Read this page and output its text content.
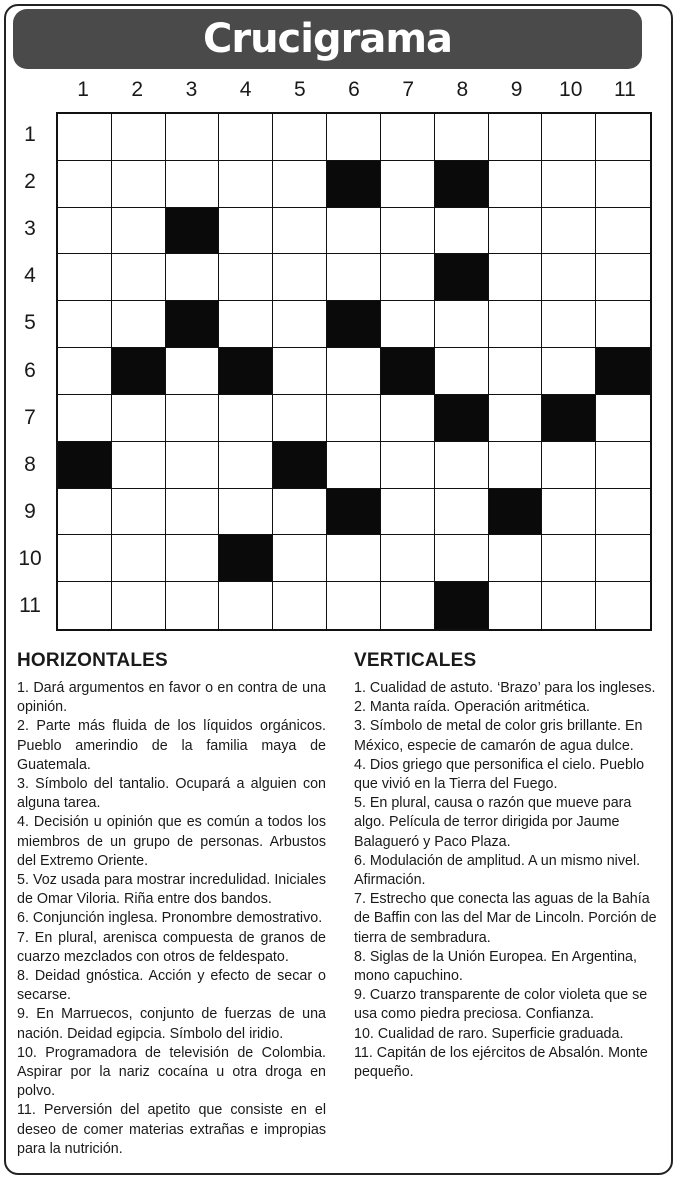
Crucigrama
1	2	3	4	5	6	7	8	9	10	11
1
2
3
4
5
6
7
8
9
10
11
HORIZONTALES

1. Dará argumentos en favor o en contra de una opinión.

2. Parte más fluida de los líquidos orgánicos. Pueblo amerindio de la familia maya de Guatemala.

3. Símbolo del tantalio. Ocupará a alguien con alguna tarea.

4. Decisión u opinión que es común a todos los miembros de un grupo de personas. Arbustos del Extremo Oriente.

5. Voz usada para mostrar incredulidad. Iniciales de Omar Viloria. Riña entre dos bandos.

6. Conjunción inglesa. Pronombre demostrativo.

7. En plural, arenisca compuesta de granos de cuarzo mezclados con otros de feldespato.

8. Deidad gnóstica. Acción y efecto de secar o secarse.

9. En Marruecos, conjunto de fuerzas de una nación. Deidad egipcia. Símbolo del iridio.

10. Programadora de televisión de Colombia. Aspirar por la nariz cocaína u otra droga en polvo.

11. Perversión del apetito que consiste en el deseo de comer materias extrañas e impropias para la nutrición.

VERTICALES

1. Cualidad de astuto. ‘Brazo’ para los ingleses.

2. Manta raída. Operación aritmética.

3. Símbolo de metal de color gris brillante. En México, especie de camarón de agua dulce.

4. Dios griego que personifica el cielo. Pueblo que vivió en la Tierra del Fuego.

5. En plural, causa o razón que mueve para algo. Película de terror dirigida por Jaume Balagueró y Paco Plaza.

6. Modulación de amplitud. A un mismo nivel. Afirmación.

7. Estrecho que conecta las aguas de la Bahía de Baffin con las del Mar de Lincoln. Porción de tierra de sembradura.

8. Siglas de la Unión Europea. En Argentina, mono capuchino.

9. Cuarzo transparente de color violeta que se usa como piedra preciosa. Confianza.

10. Cualidad de raro. Superficie graduada.

11. Capitán de los ejércitos de Absalón. Monte pequeño.
